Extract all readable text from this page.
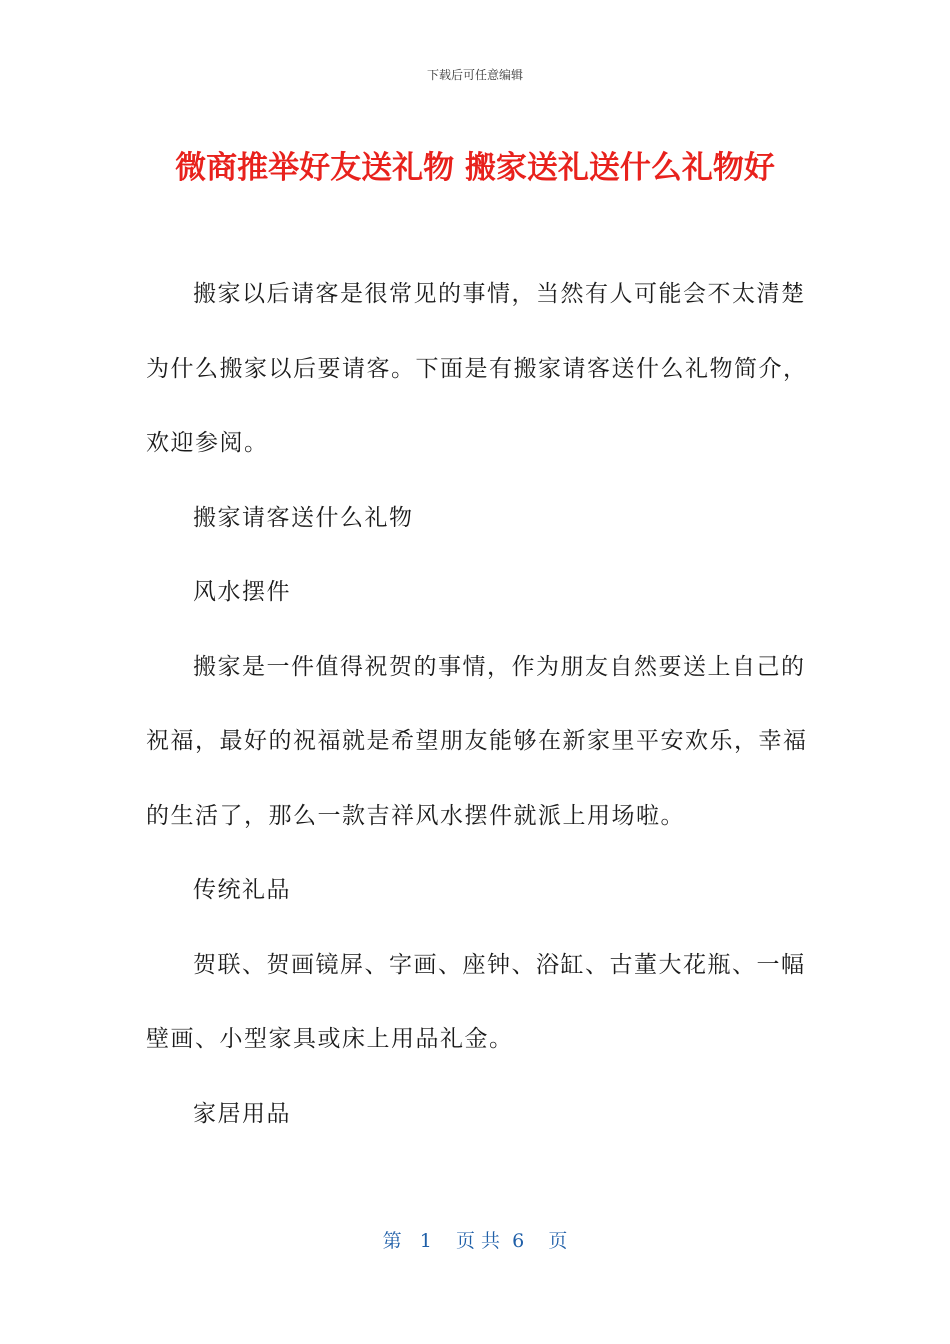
下载后可任意编辑
微商推举好友送礼物 搬家送礼送什么礼物好
搬家以后请客是很常见的事情，当然有人可能会不太清楚
为什么搬家以后要请客。下面是有搬家请客送什么礼物简介，
欢迎参阅。
搬家请客送什么礼物
风水摆件
搬家是一件值得祝贺的事情，作为朋友自然要送上自己的
祝福，最好的祝福就是希望朋友能够在新家里平安欢乐，幸福
的生活了，那么一款吉祥风水摆件就派上用场啦。
传统礼品
贺联、贺画镜屏、字画、座钟、浴缸、古董大花瓶、一幅
壁画、小型家具或床上用品礼金。
家居用品
第   1    页 共  6    页
